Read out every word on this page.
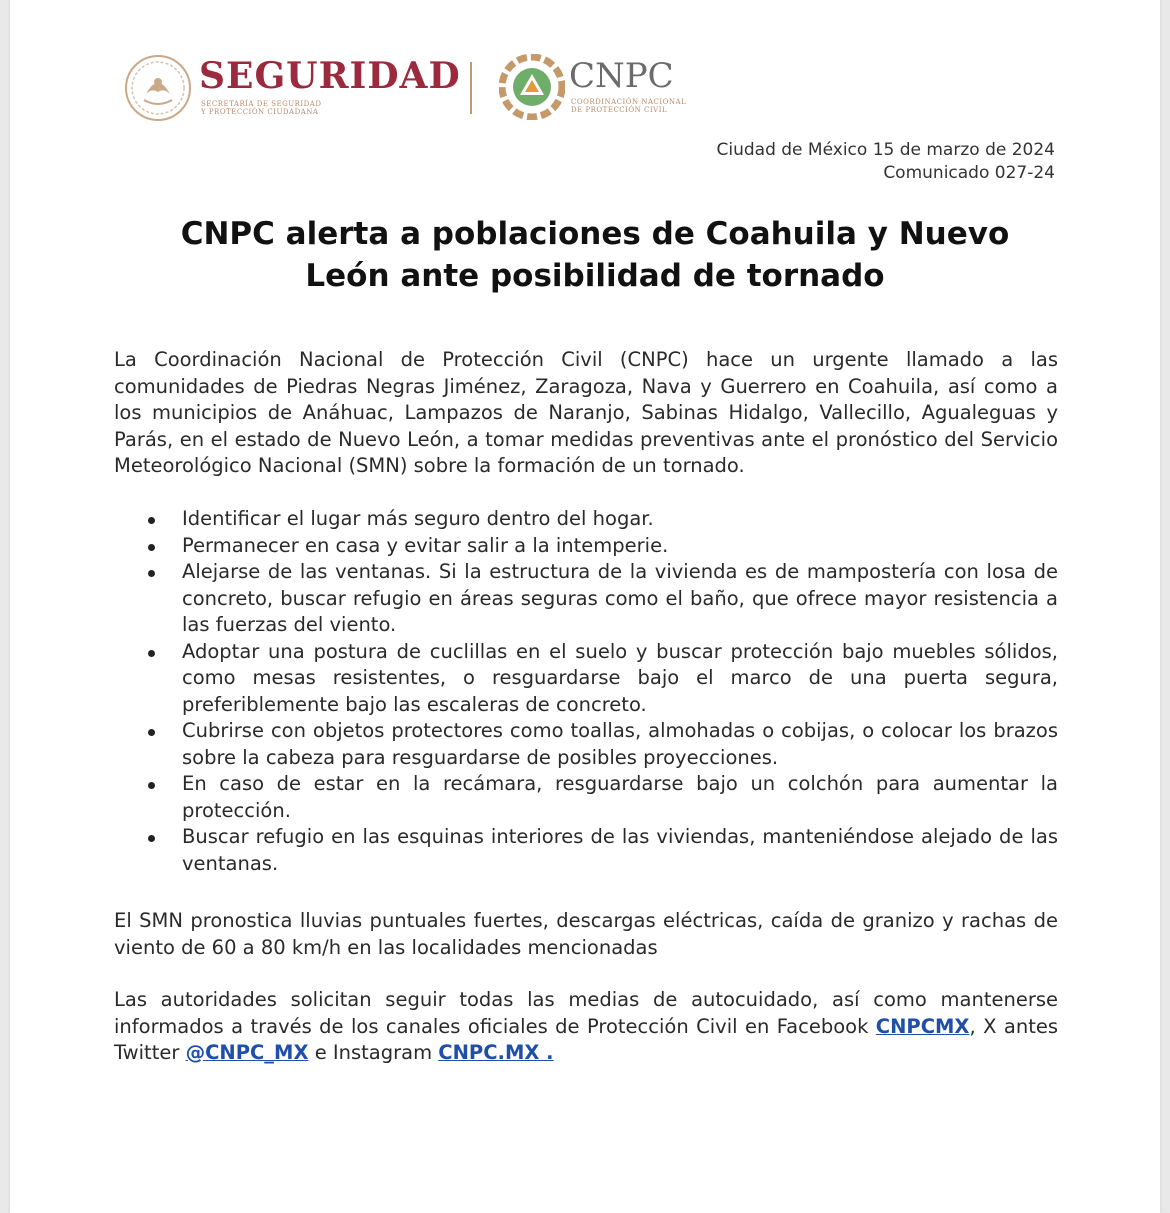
SEGURIDAD
SECRETARÍA DE SEGURIDAD
Y PROTECCIÓN CIUDADANA
CNPC
COORDINACIÓN NACIONAL
DE PROTECCIÓN CIVIL
Ciudad de México 15 de marzo de 2024
Comunicado 027-24
CNPC alerta a poblaciones de Coahuila y Nuevo
León ante posibilidad de tornado
La Coordinación Nacional de Protección Civil (CNPC) hace un urgente llamado a las comunidades de Piedras Negras Jiménez, Zaragoza, Nava y Guerrero en Coahuila, así como a los municipios de Anáhuac, Lampazos de Naranjo, Sabinas Hidalgo, Vallecillo, Agualeguas y Parás, en el estado de Nuevo León, a tomar medidas preventivas ante el pronóstico del Servicio Meteorológico Nacional (SMN) sobre la formación de un tornado.
Identificar el lugar más seguro dentro del hogar.
Permanecer en casa y evitar salir a la intemperie.
Alejarse de las ventanas. Si la estructura de la vivienda es de mampostería con losa de concreto, buscar refugio en áreas seguras como el baño, que ofrece mayor resistencia a las fuerzas del viento.
Adoptar una postura de cuclillas en el suelo y buscar protección bajo muebles sólidos, como mesas resistentes, o resguardarse bajo el marco de una puerta segura, preferiblemente bajo las escaleras de concreto.
Cubrirse con objetos protectores como toallas, almohadas o cobijas, o colocar los brazos sobre la cabeza para resguardarse de posibles proyecciones.
En caso de estar en la recámara, resguardarse bajo un colchón para aumentar la protección.
Buscar refugio en las esquinas interiores de las viviendas, manteniéndose alejado de las ventanas.
El SMN pronostica lluvias puntuales fuertes, descargas eléctricas, caída de granizo y rachas de viento de 60 a 80 km/h en las localidades mencionadas
Las autoridades solicitan seguir todas las medias de autocuidado, así como mantenerse informados a través de los canales oficiales de Protección Civil en Facebook CNPCMX, X antes Twitter @CNPC_MX e Instagram CNPC.MX .
